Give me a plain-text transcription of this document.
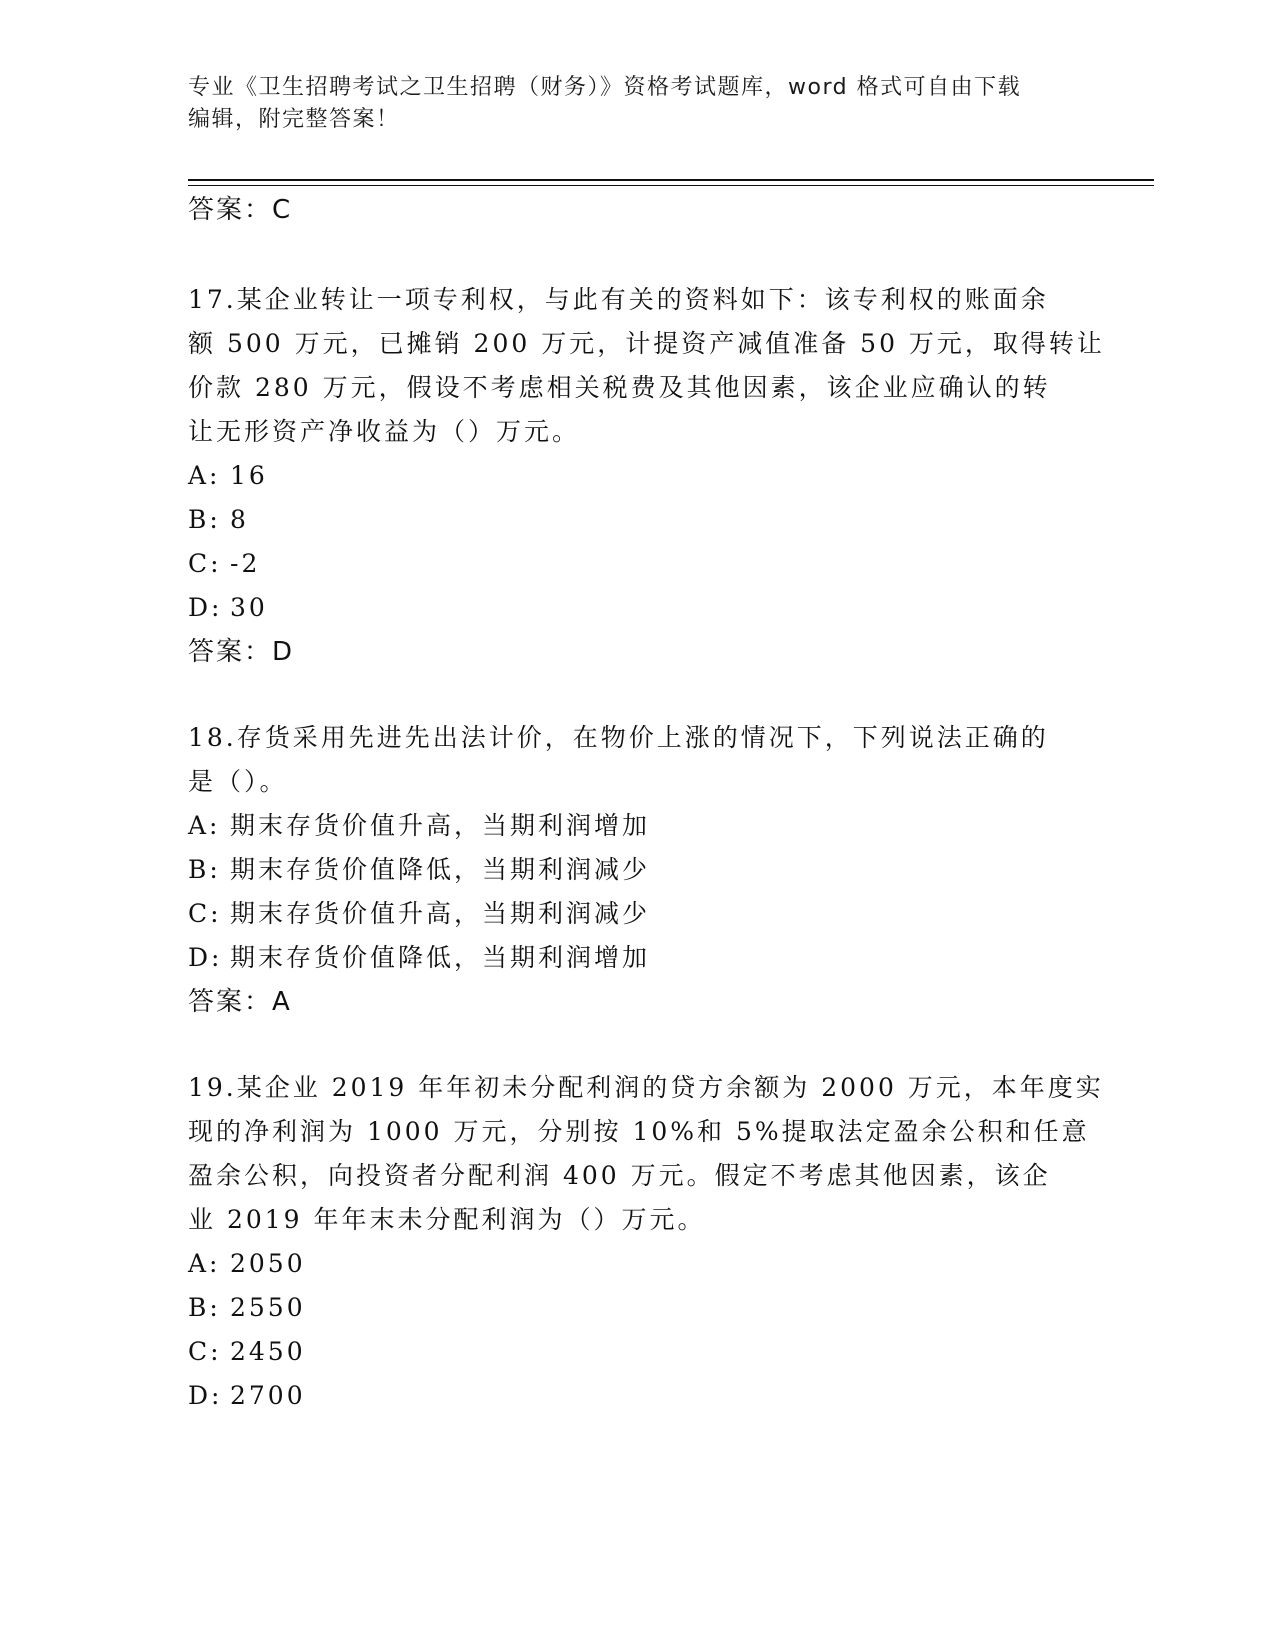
专业《卫生招聘考试之卫生招聘（财务）》资格考试题库，word 格式可自由下载
编辑，附完整答案！
答案：C
17.某企业转让一项专利权，与此有关的资料如下：该专利权的账面余
额 500 万元，已摊销 200 万元，计提资产减值准备 50 万元，取得转让
价款 280 万元，假设不考虑相关税费及其他因素，该企业应确认的转
让无形资产净收益为（）万元。
A: 16
B: 8
C: -2
D: 30
答案：D
18.存货采用先进先出法计价，在物价上涨的情况下，下列说法正确的
是（）。
A: 期末存货价值升高，当期利润增加
B: 期末存货价值降低，当期利润减少
C: 期末存货价值升高，当期利润减少
D: 期末存货价值降低，当期利润增加
答案：A
19.某企业 2019 年年初未分配利润的贷方余额为 2000 万元，本年度实
现的净利润为 1000 万元，分别按 10%和 5%提取法定盈余公积和任意
盈余公积，向投资者分配利润 400 万元。假定不考虑其他因素，该企
业 2019 年年末未分配利润为（）万元。
A: 2050
B: 2550
C: 2450
D: 2700
